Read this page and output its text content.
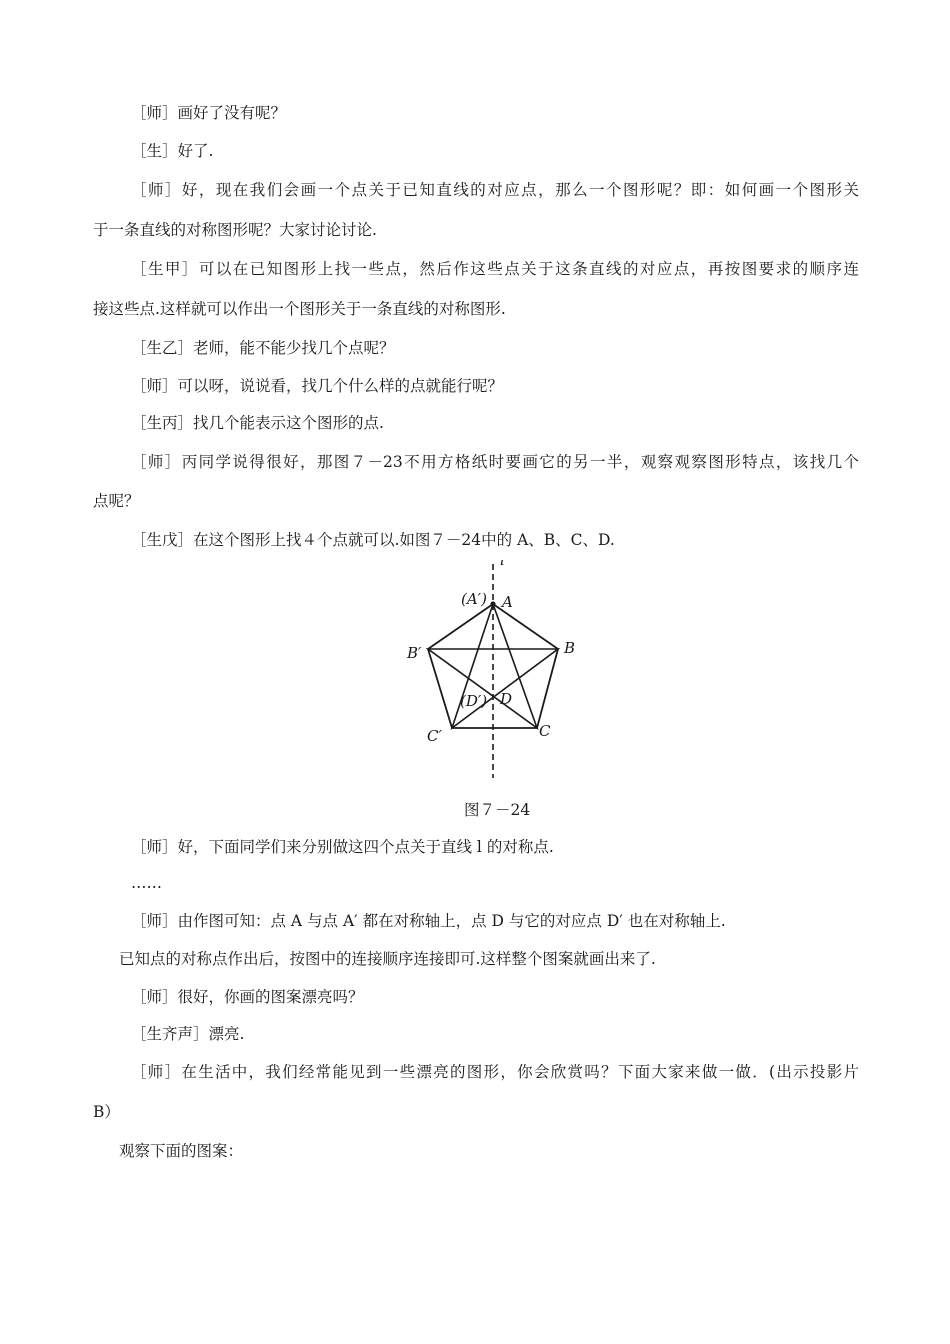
［师］画好了没有呢？
［生］好了.
［师］好，现在我们会画一个点关于已知直线的对应点，那么一个图形呢？即：如何画一个图形关
于一条直线的对称图形呢？大家讨论讨论.
［生甲］可以在已知图形上找一些点，然后作这些点关于这条直线的对应点，再按图要求的顺序连
接这些点.这样就可以作出一个图形关于一条直线的对称图形.
［生乙］老师，能不能少找几个点呢？
［师］可以呀，说说看，找几个什么样的点就能行呢？
［生丙］找几个能表示这个图形的点.
［师］丙同学说得很好，那图７－23不用方格纸时要画它的另一半，观察观察图形特点，该找几个
点呢？
［生戊］在这个图形上找４个点就可以.如图７－24中的 A、B、C、D.
l
(A′) A
B
B′
(D′) D
C′	C
图７－24
［师］好，下面同学们来分别做这四个点关于直线 l 的对称点.
……
［师］由作图可知：点 A 与点 A′ 都在对称轴上，点 D 与它的对应点 D′ 也在对称轴上.
已知点的对称点作出后，按图中的连接顺序连接即可.这样整个图案就画出来了.
［师］很好，你画的图案漂亮吗？
［生齐声］漂亮.
［师］在生活中，我们经常能见到一些漂亮的图形，你会欣赏吗？下面大家来做一做．(出示投影片
B）
观察下面的图案：
